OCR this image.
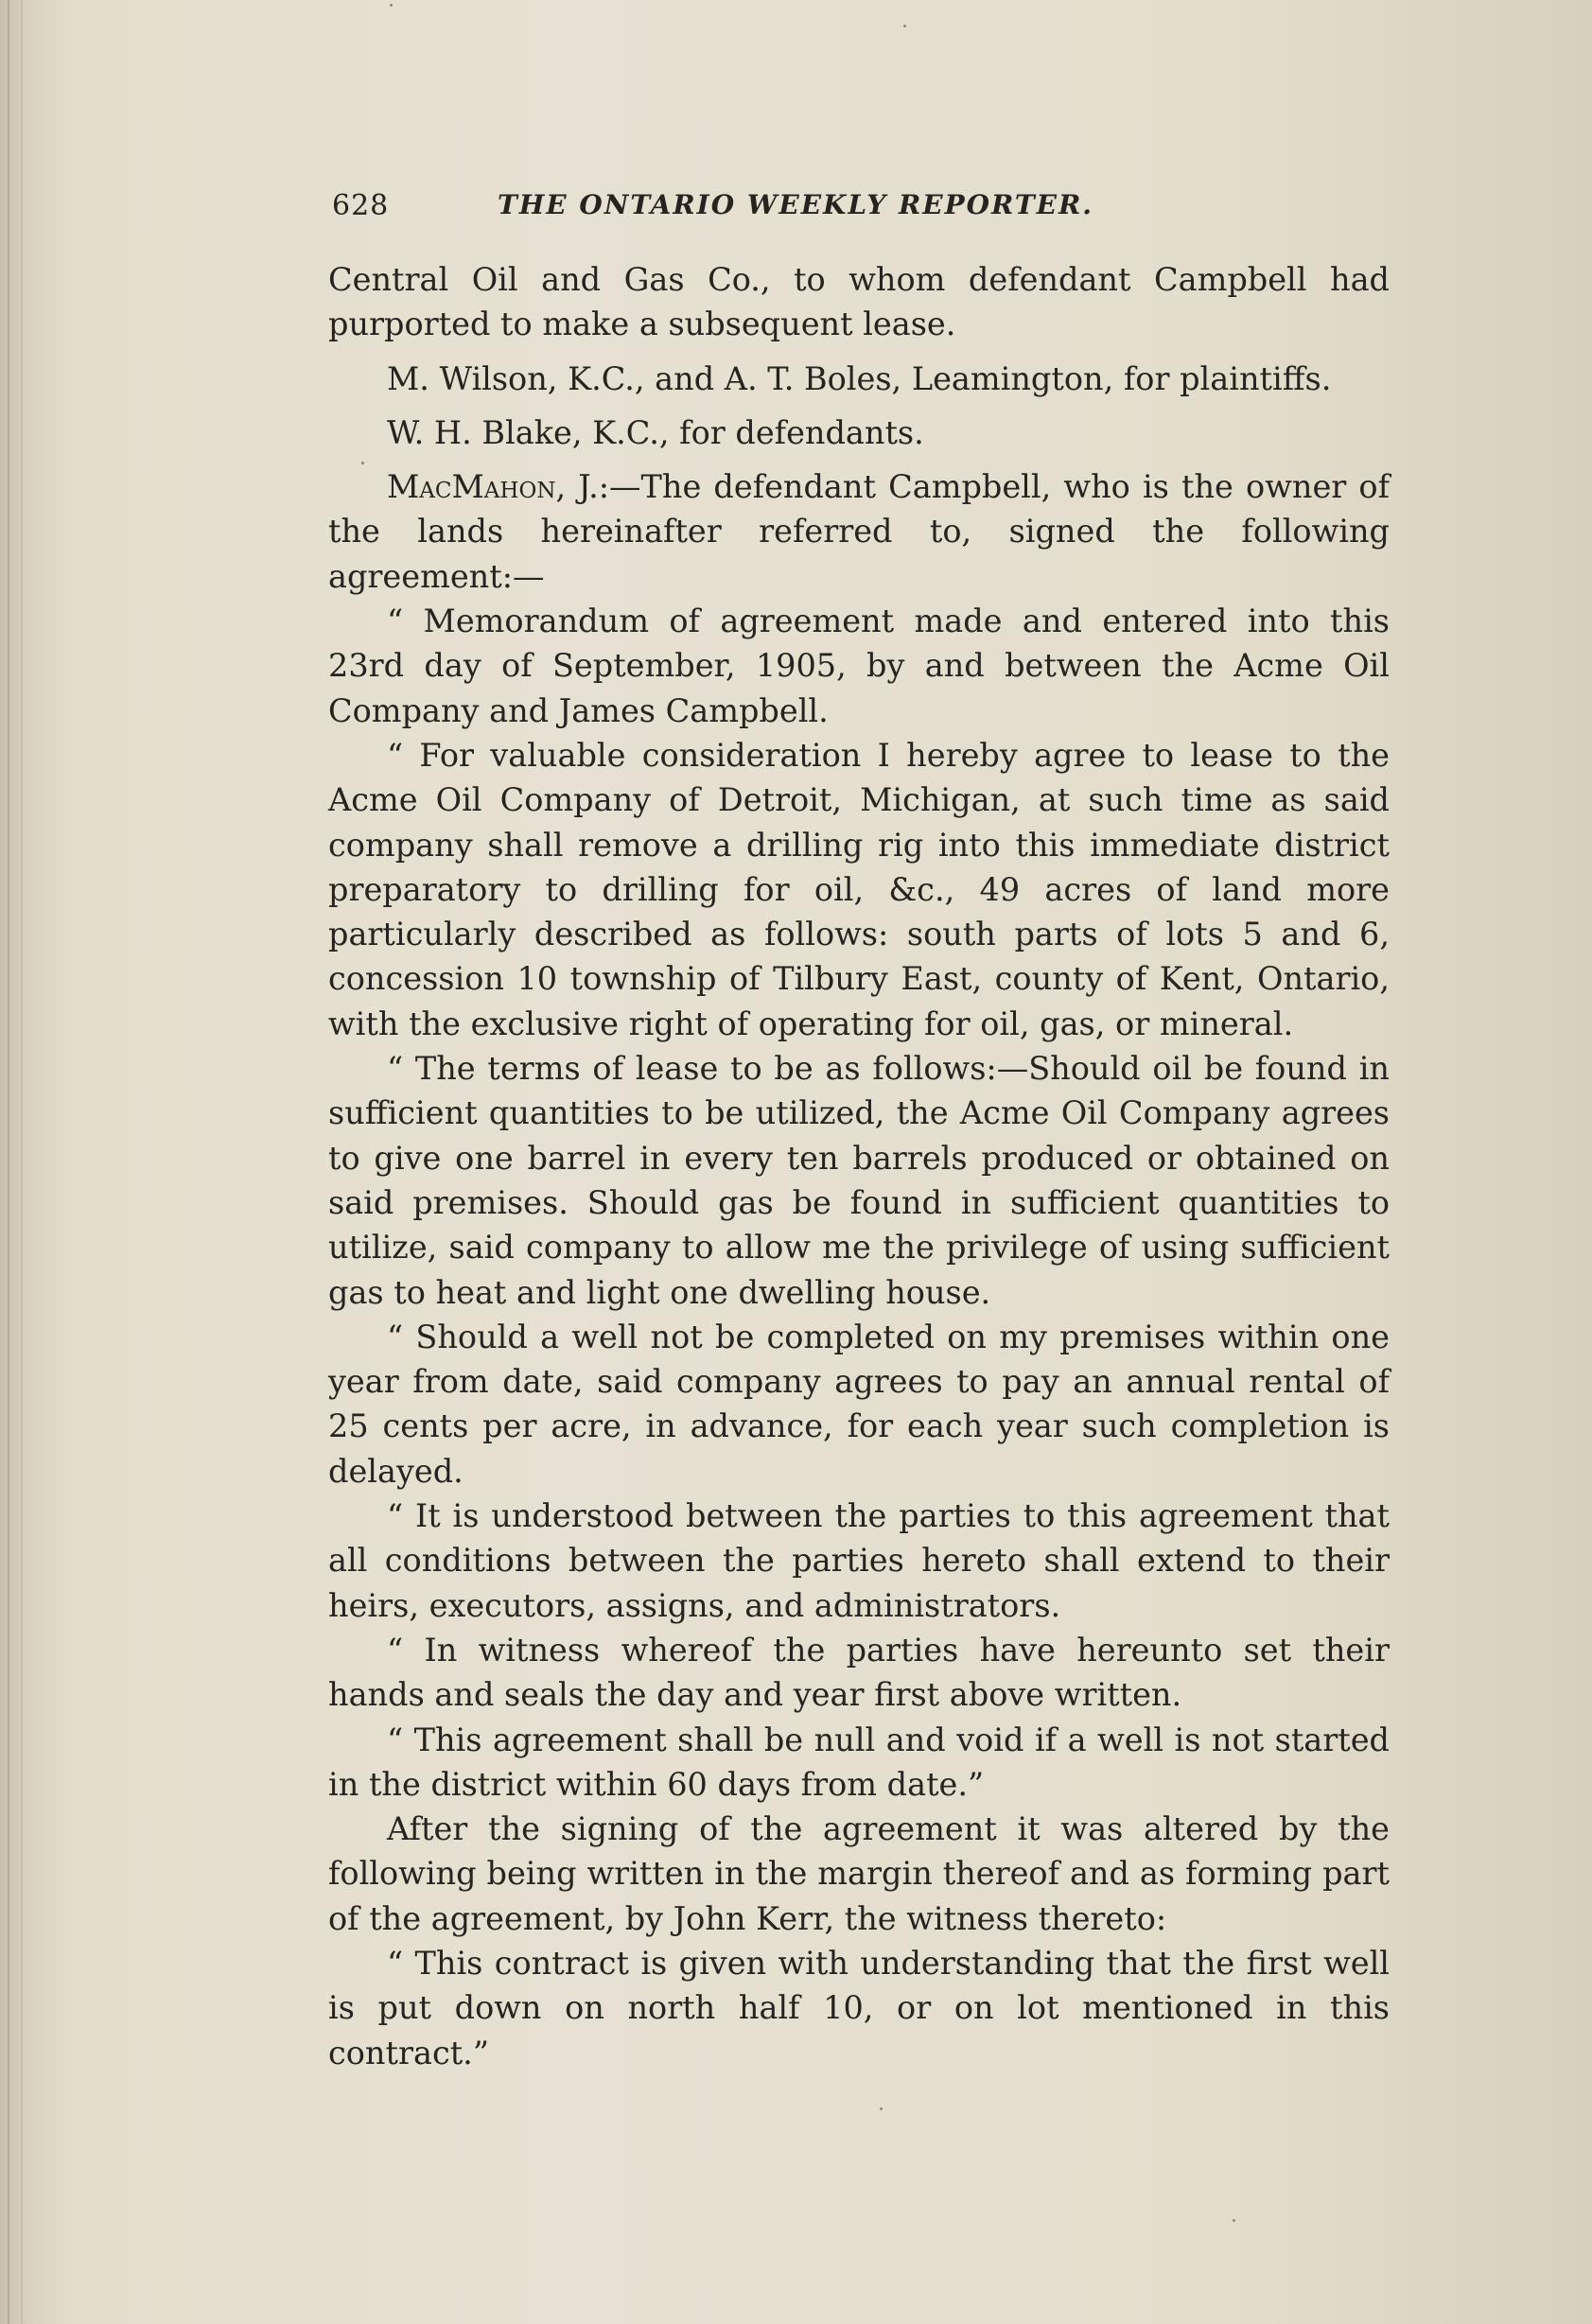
628	THE ONTARIO WEEKLY REPORTER.

Central Oil and Gas Co., to whom defendant Campbell had purported to make a subsequent lease.

M. Wilson, K.C., and A. T. Boles, Leamington, for plaintiffs.

W. H. Blake, K.C., for defendants.

MacMahon, J.:—The defendant Campbell, who is the owner of the lands hereinafter referred to, signed the following agreement:—

“ Memorandum of agreement made and entered into this 23rd day of September, 1905, by and between the Acme Oil Company and James Campbell.

“ For valuable consideration I hereby agree to lease to the Acme Oil Company of Detroit, Michigan, at such time as said company shall remove a drilling rig into this immediate district preparatory to drilling for oil, &c., 49 acres of land more particularly described as follows: south parts of lots 5 and 6, concession 10 township of Tilbury East, county of Kent, Ontario, with the exclusive right of operating for oil, gas, or mineral.

“ The terms of lease to be as follows:—Should oil be found in sufficient quantities to be utilized, the Acme Oil Company agrees to give one barrel in every ten barrels produced or obtained on said premises. Should gas be found in sufficient quantities to utilize, said company to allow me the privilege of using sufficient gas to heat and light one dwelling house.

“ Should a well not be completed on my premises within one year from date, said company agrees to pay an annual rental of 25 cents per acre, in advance, for each year such completion is delayed.

“ It is understood between the parties to this agreement that all conditions between the parties hereto shall extend to their heirs, executors, assigns, and administrators.

“ In witness whereof the parties have hereunto set their hands and seals the day and year first above written.

“ This agreement shall be null and void if a well is not started in the district within 60 days from date.”

After the signing of the agreement it was altered by the following being written in the margin thereof and as forming part of the agreement, by John Kerr, the witness thereto:

“ This contract is given with understanding that the first well is put down on north half 10, or on lot mentioned in this contract.”
